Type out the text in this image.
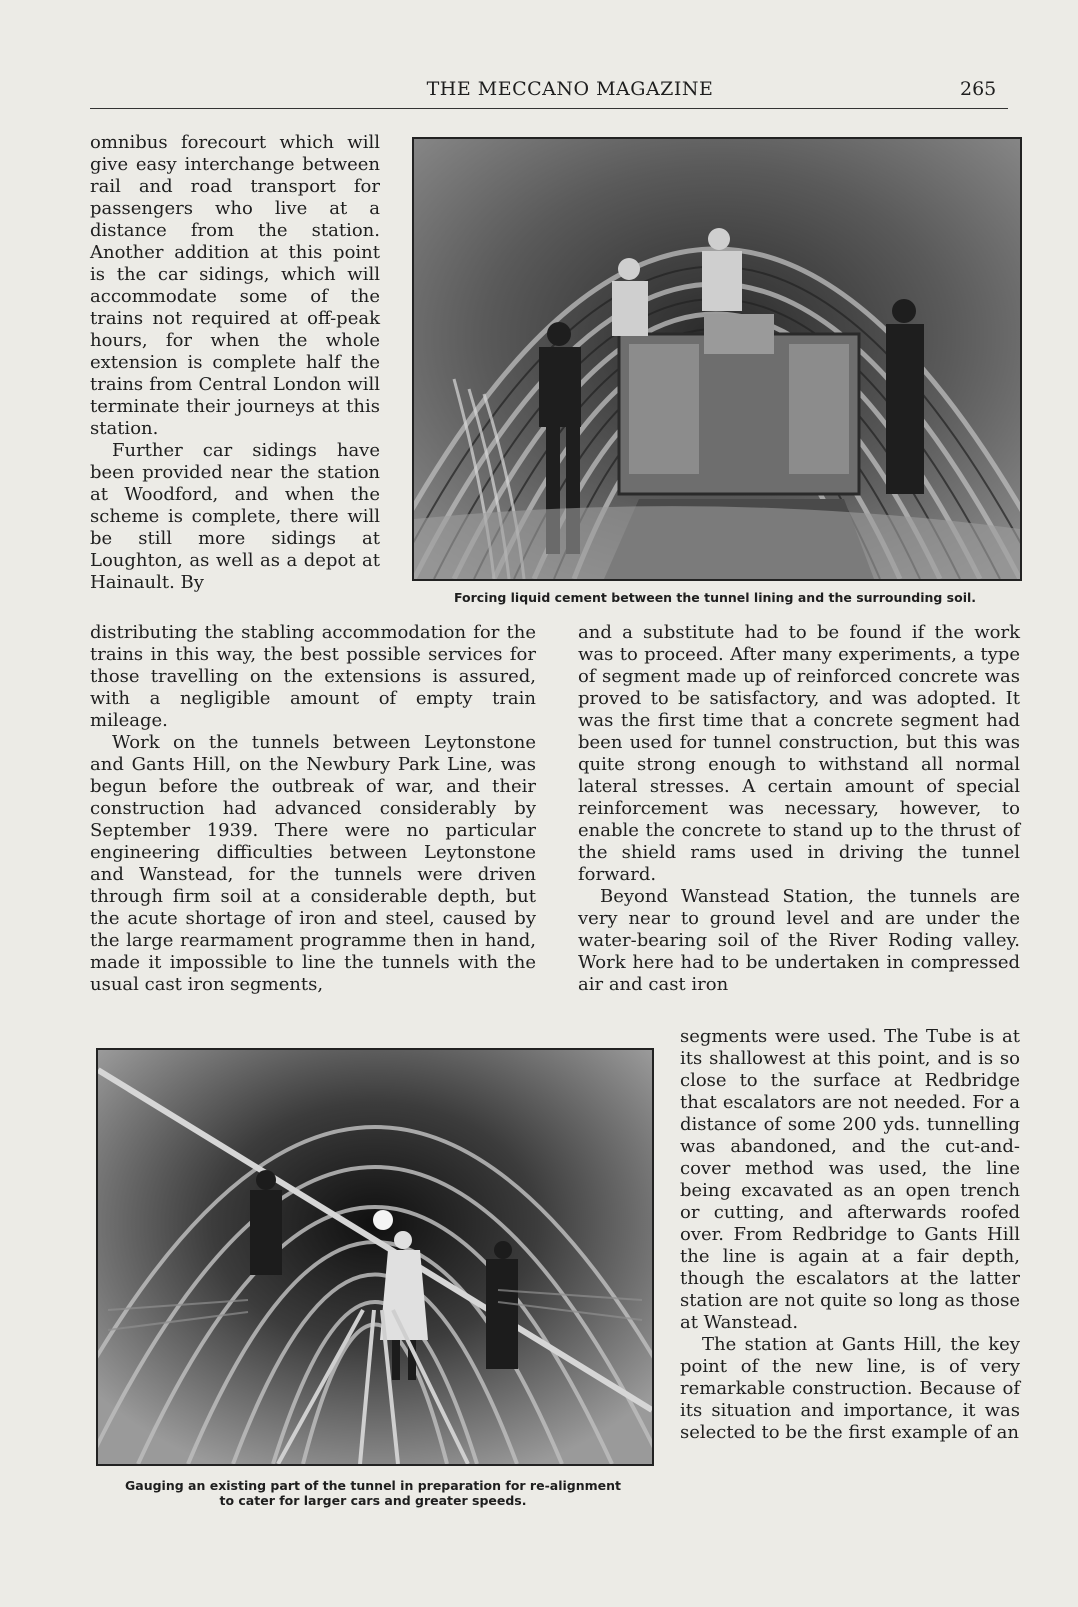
THE MECCANO MAGAZINE	265

omnibus forecourt which will give easy interchange between rail and road transport for passengers who live at a distance from the station. Another addition at this point is the car sidings, which will accommodate some of the trains not required at off-peak hours, for when the whole extension is complete half the trains from Central London will terminate their journeys at this station.

Further car sidings have been provided near the station at Woodford, and when the scheme is complete, there will be still more sidings at Loughton, as well as a depot at Hainault. By

distributing the stabling accommodation for the trains in this way, the best possible services for those travelling on the extensions is assured, with a negligible amount of empty train mileage.

Work on the tunnels between Leytonstone and Gants Hill, on the Newbury Park Line, was begun before the outbreak of war, and their construction had advanced considerably by September 1939. There were no particular engineering difficulties between Leytonstone and Wanstead, for the tunnels were driven through firm soil at a considerable depth, but the acute shortage of iron and steel, caused by the large rearmament programme then in hand, made it impossible to line the tunnels with the usual cast iron segments,

and a substitute had to be found if the work was to proceed. After many experiments, a type of segment made up of reinforced concrete was proved to be satisfactory, and was adopted. It was the first time that a concrete segment had been used for tunnel construction, but this was quite strong enough to withstand all normal lateral stresses. A certain amount of special reinforcement was necessary, however, to enable the concrete to stand up to the thrust of the shield rams used in driving the tunnel forward.

Beyond Wanstead Station, the tunnels are very near to ground level and are under the water-bearing soil of the River Roding valley. Work here had to be undertaken in compressed air and cast iron

segments were used. The Tube is at its shallowest at this point, and is so close to the surface at Redbridge that escalators are not needed. For a distance of some 200 yds. tunnelling was abandoned, and the cut-and-cover method was used, the line being excavated as an open trench or cutting, and afterwards roofed over. From Redbridge to Gants Hill the line is again at a fair depth, though the escalators at the latter station are not quite so long as those at Wanstead.

The station at Gants Hill, the key point of the new line, is of very remarkable construction. Because of its situation and importance, it was selected to be the first example of an

Forcing liquid cement between the tunnel lining and the surrounding soil.
Gauging an existing part of the tunnel in preparation for re-alignment
to cater for larger cars and greater speeds.
